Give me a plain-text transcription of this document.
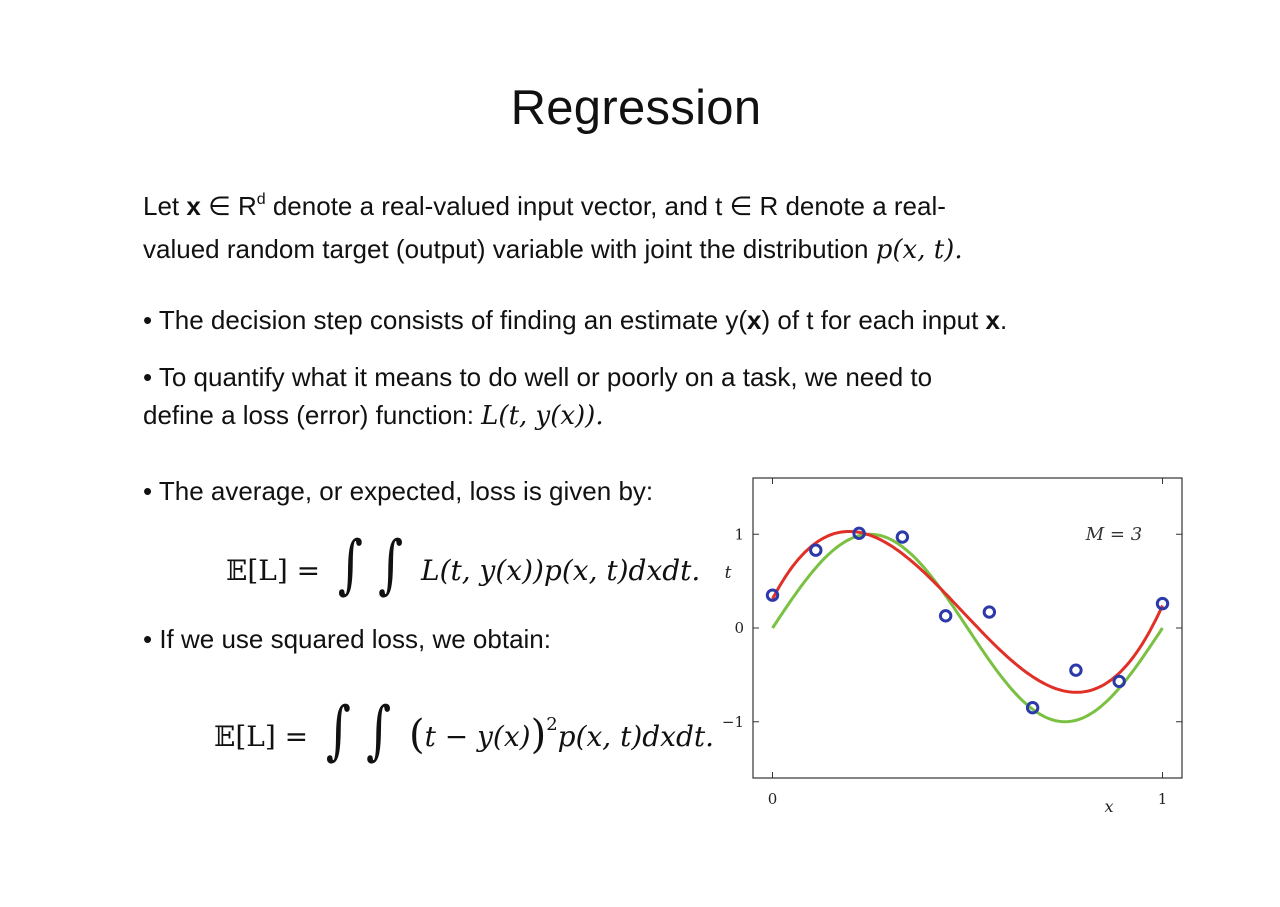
Regression
Let x ∈ $R^d$ denote a real-valued input vector, and t ∈ R denote a real-
valued random target (output) variable with joint the distribution p(x, t).
• The decision step consists of finding an estimate y(x) of t for each input x.
• To quantify what it means to do well or poorly on a task, we need to
define a loss (error) function: L(t, y(x)).
• The average, or expected, loss is given by:
𝔼[L] = ∫ ∫ L(t, y(x))p(x, t)dxdt.
• If we use squared loss, we obtain:
𝔼[L] = ∫ ∫ $(t - y(x))^2p(x$, t)dxdt. −1
0
1
0	1
x
t
M = 3
